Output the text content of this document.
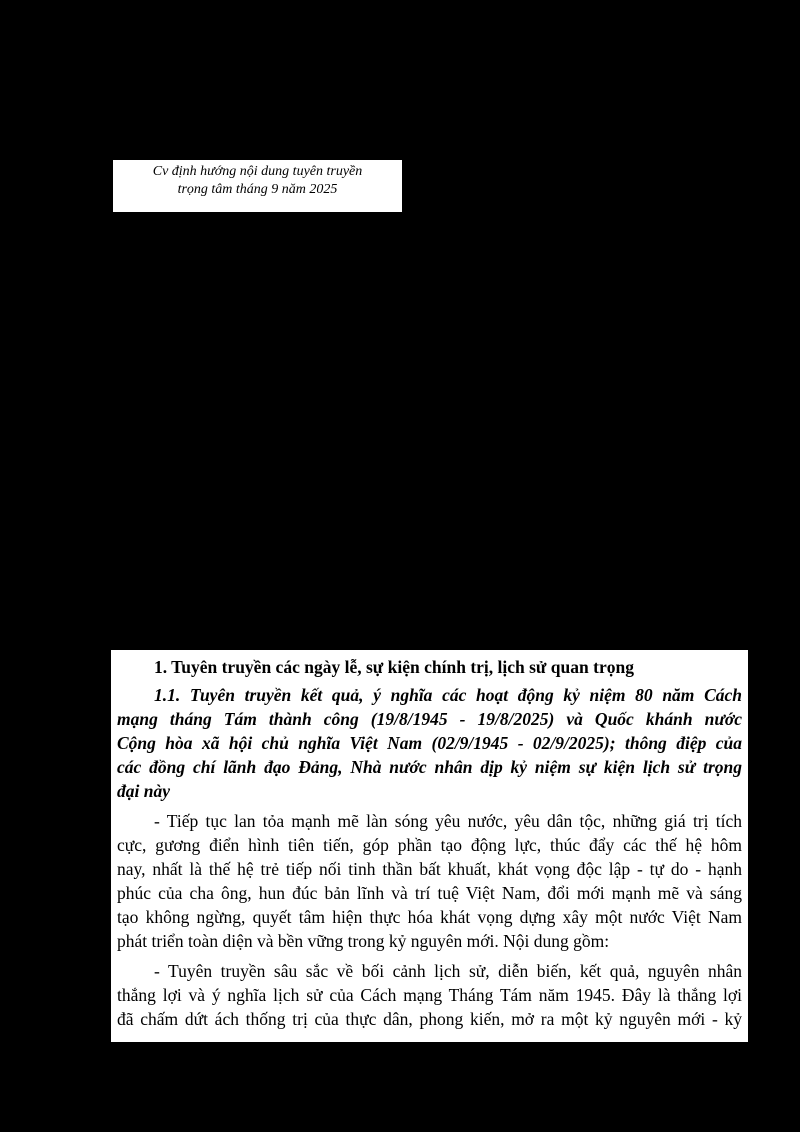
Cv định hướng nội dung tuyên truyền
trọng tâm tháng 9 năm 2025
1. Tuyên truyền các ngày lễ, sự kiện chính trị, lịch sử quan trọng
1.1. Tuyên truyền kết quả, ý nghĩa các hoạt động kỷ niệm 80 năm Cách
mạng tháng Tám thành công (19/8/1945 - 19/8/2025) và Quốc khánh nước
Cộng hòa xã hội chủ nghĩa Việt Nam (02/9/1945 - 02/9/2025); thông điệp của
các đồng chí lãnh đạo Đảng, Nhà nước nhân dịp kỷ niệm sự kiện lịch sử trọng
đại này
- Tiếp tục lan tỏa mạnh mẽ làn sóng yêu nước, yêu dân tộc, những giá trị tích
cực, gương điển hình tiên tiến, góp phần tạo động lực, thúc đẩy các thế hệ hôm
nay, nhất là thế hệ trẻ tiếp nối tinh thần bất khuất, khát vọng độc lập - tự do - hạnh
phúc của cha ông, hun đúc bản lĩnh và trí tuệ Việt Nam, đổi mới mạnh mẽ và sáng
tạo không ngừng, quyết tâm hiện thực hóa khát vọng dựng xây một nước Việt Nam
phát triển toàn diện và bền vững trong kỷ nguyên mới. Nội dung gồm:
- Tuyên truyền sâu sắc về bối cảnh lịch sử, diễn biến, kết quả, nguyên nhân
thắng lợi và ý nghĩa lịch sử của Cách mạng Tháng Tám năm 1945. Đây là thắng lợi
đã chấm dứt ách thống trị của thực dân, phong kiến, mở ra một kỷ nguyên mới - kỷ
